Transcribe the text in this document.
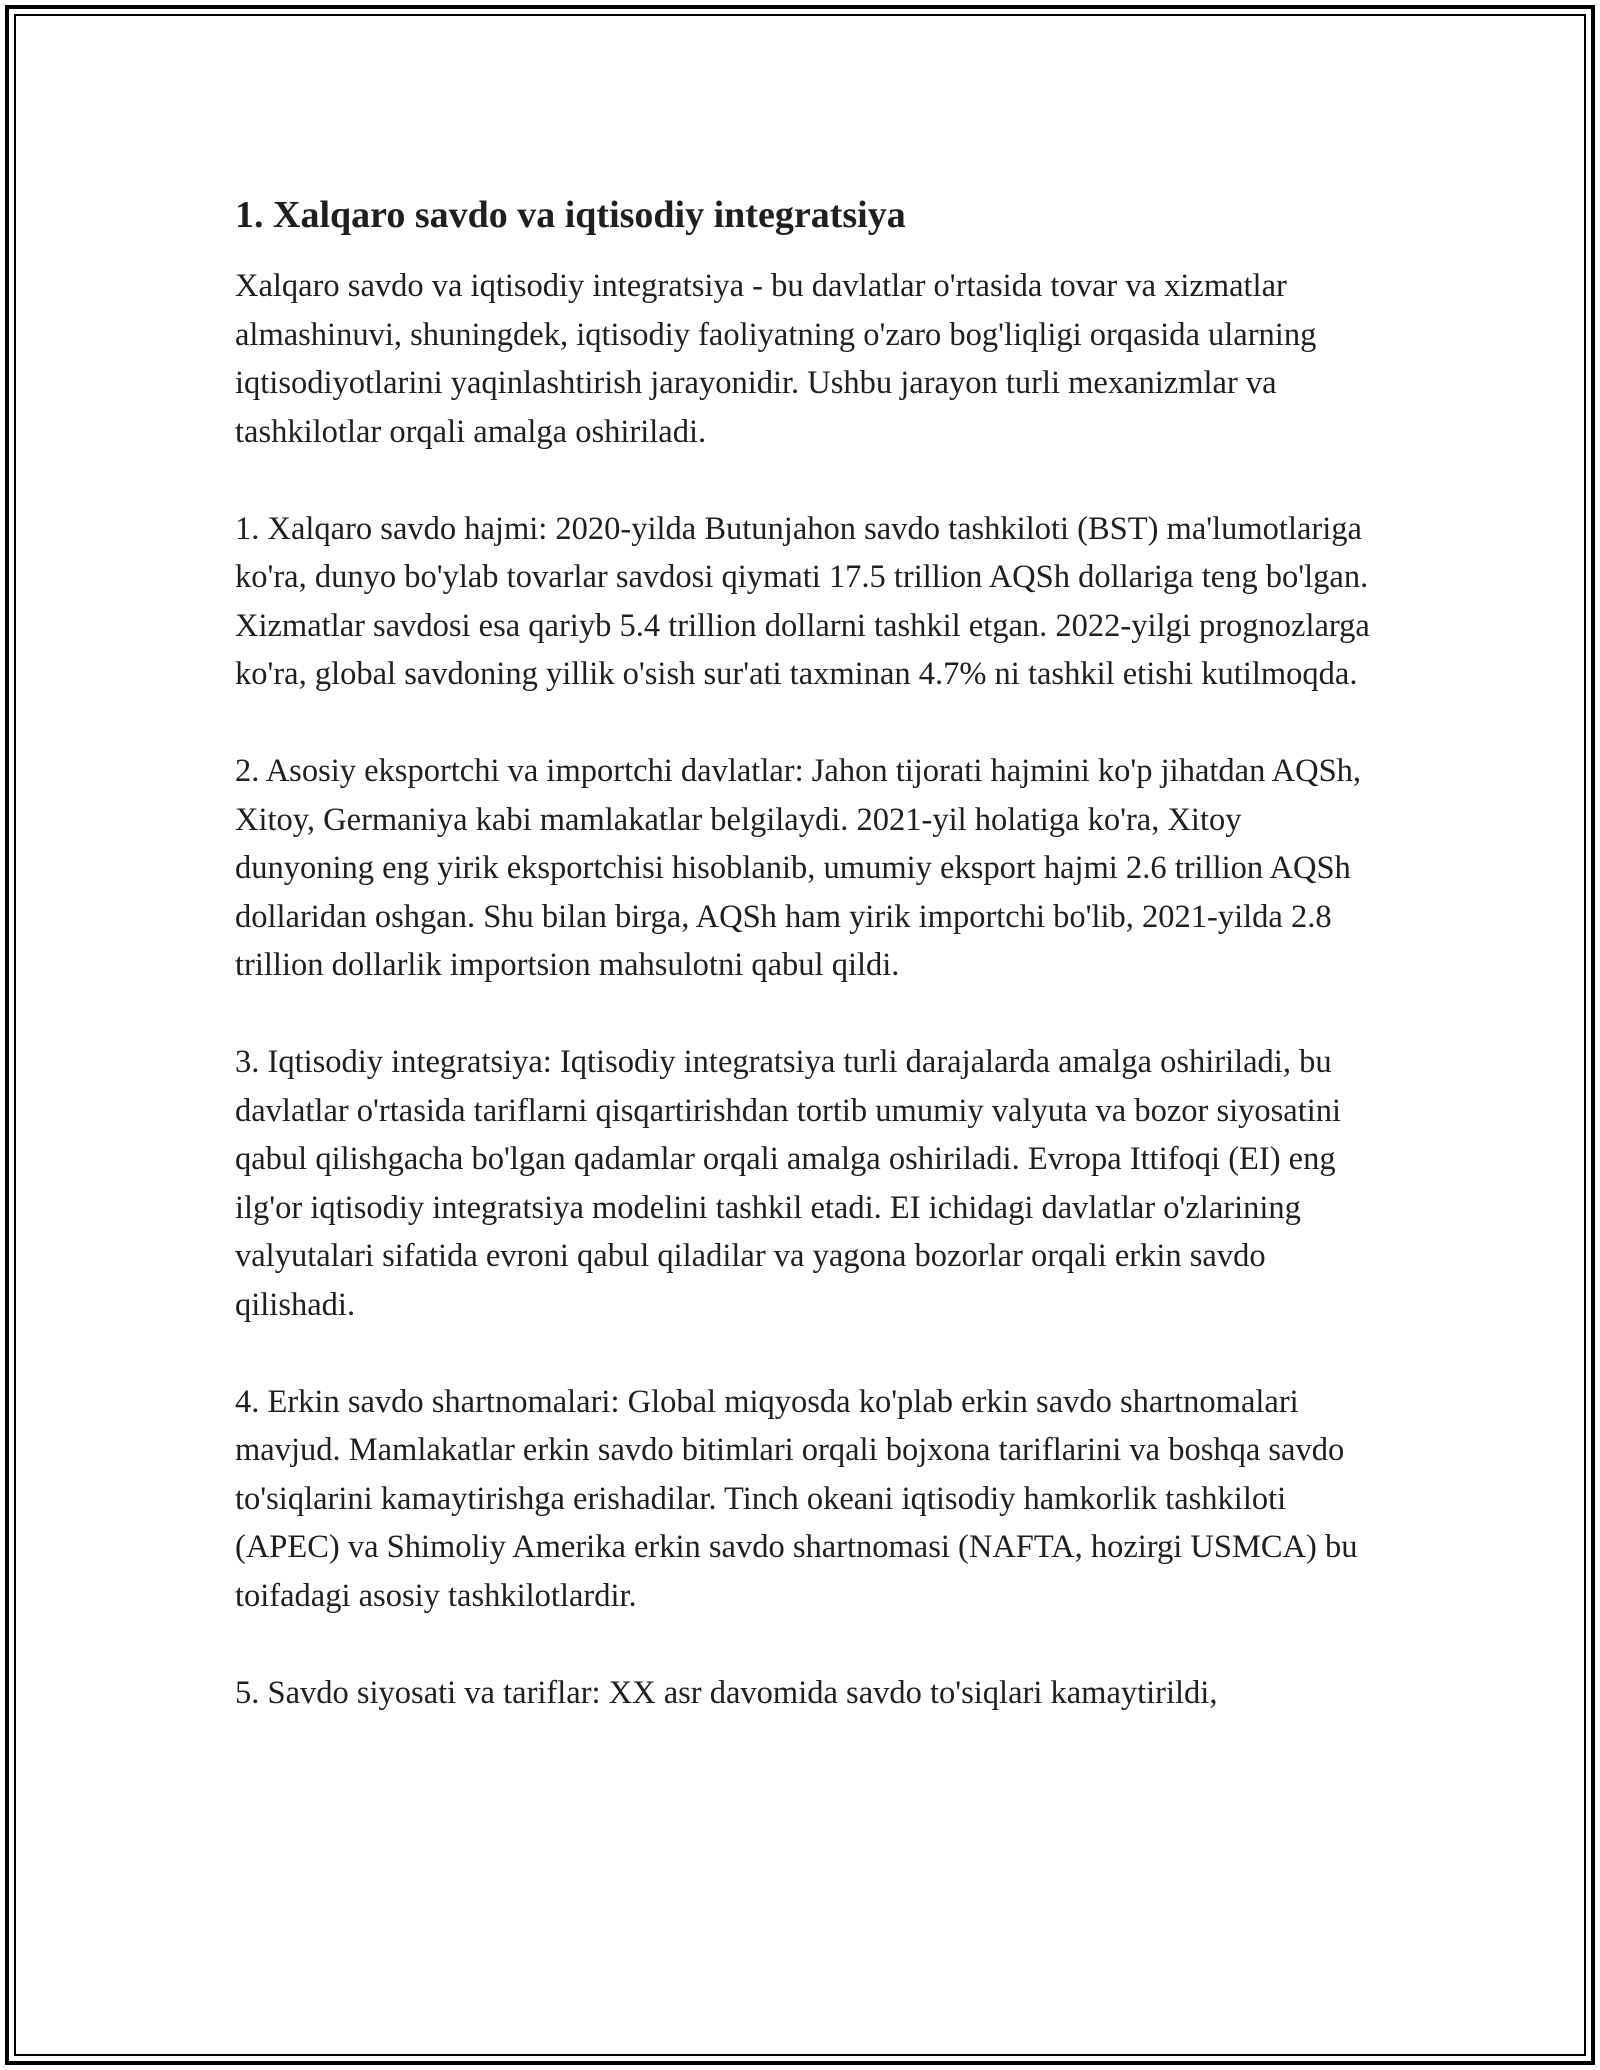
1. Xalqaro savdo va iqtisodiy integratsiya

Xalqaro savdo va iqtisodiy integratsiya - bu davlatlar o'rtasida tovar va xizmatlar almashinuvi, shuningdek, iqtisodiy faoliyatning o'zaro bog'liqligi orqasida ularning iqtisodiyotlarini yaqinlashtirish jarayonidir. Ushbu jarayon turli mexanizmlar va tashkilotlar orqali amalga oshiriladi.

1. Xalqaro savdo hajmi: 2020-yilda Butunjahon savdo tashkiloti (BST) ma'lumotlariga ko'ra, dunyo bo'ylab tovarlar savdosi qiymati 17.5 trillion AQSh dollariga teng bo'lgan. Xizmatlar savdosi esa qariyb 5.4 trillion dollarni tashkil etgan. 2022-yilgi prognozlarga ko'ra, global savdoning yillik o'sish sur'ati taxminan 4.7% ni tashkil etishi kutilmoqda.

2. Asosiy eksportchi va importchi davlatlar: Jahon tijorati hajmini ko'p jihatdan AQSh, Xitoy, Germaniya kabi mamlakatlar belgilaydi. 2021-yil holatiga ko'ra, Xitoy dunyoning eng yirik eksportchisi hisoblanib, umumiy eksport hajmi 2.6 trillion AQSh dollaridan oshgan. Shu bilan birga, AQSh ham yirik importchi bo'lib, 2021-yilda 2.8 trillion dollarlik importsion mahsulotni qabul qildi.

3. Iqtisodiy integratsiya: Iqtisodiy integratsiya turli darajalarda amalga oshiriladi, bu davlatlar o'rtasida tariflarni qisqartirishdan tortib umumiy valyuta va bozor siyosatini qabul qilishgacha bo'lgan qadamlar orqali amalga oshiriladi. Evropa Ittifoqi (EI) eng ilg'or iqtisodiy integratsiya modelini tashkil etadi. EI ichidagi davlatlar o'zlarining valyutalari sifatida evroni qabul qiladilar va yagona bozorlar orqali erkin savdo qilishadi.

4. Erkin savdo shartnomalari: Global miqyosda ko'plab erkin savdo shartnomalari mavjud. Mamlakatlar erkin savdo bitimlari orqali bojxona tariflarini va boshqa savdo to'siqlarini kamaytirishga erishadilar. Tinch okeani iqtisodiy hamkorlik tashkiloti (APEC) va Shimoliy Amerika erkin savdo shartnomasi (NAFTA, hozirgi USMCA) bu toifadagi asosiy tashkilotlardir.

5. Savdo siyosati va tariflar: XX asr davomida savdo to'siqlari kamaytirildi,
